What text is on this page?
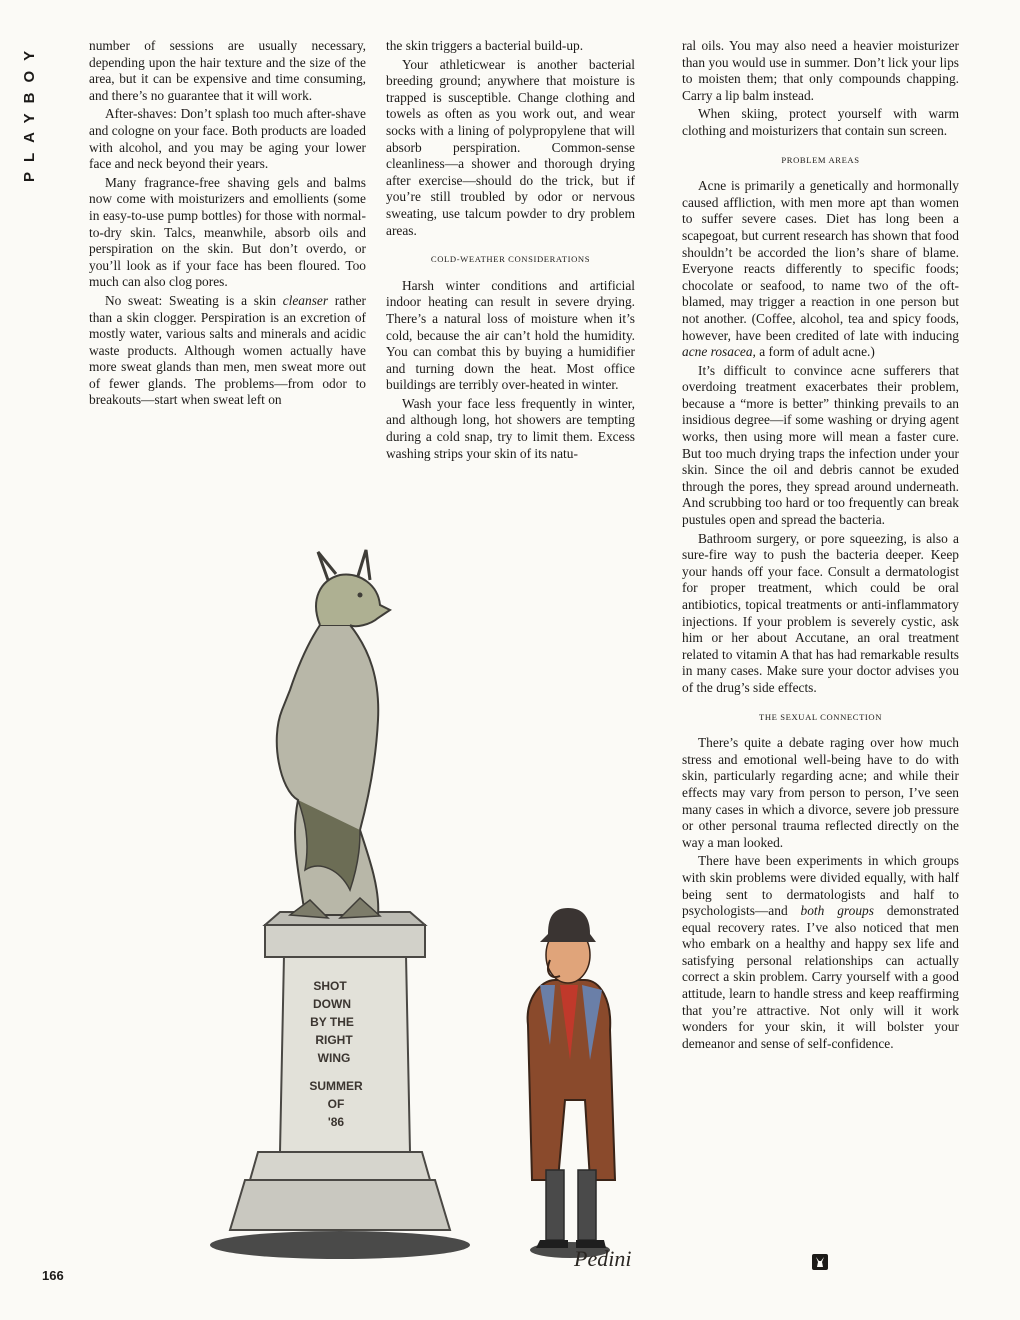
PLAYBOY	number of sessions are usually necessary, depending upon the hair texture and the size of the area, but it can be expensive and time consuming, and there’s no guarantee that it will work.

After-shaves: Don’t splash too much after-shave and cologne on your face. Both products are loaded with alcohol, and you may be aging your lower face and neck beyond their years.

Many fragrance-free shaving gels and balms now come with moisturizers and emollients (some in easy-to-use pump bottles) for those with normal-to-dry skin. Talcs, meanwhile, absorb oils and perspiration on the skin. But don’t overdo, or you’ll look as if your face has been floured. Too much can also clog pores.

No sweat: Sweating is a skin cleanser rather than a skin clogger. Perspiration is an excretion of mostly water, various salts and minerals and acidic waste products. Although women actually have more sweat glands than men, men sweat more out of fewer glands. The problems—from odor to breakouts—start when sweat left on

the skin triggers a bacterial build-up.

Your athleticwear is another bacterial breeding ground; anywhere that moisture is trapped is susceptible. Change clothing and towels as often as you work out, and wear socks with a lining of polypropylene that will absorb perspiration. Common-sense cleanliness—a shower and thorough drying after exercise—should do the trick, but if you’re still troubled by odor or nervous sweating, use talcum powder to dry problem areas.

COLD-WEATHER CONSIDERATIONS

Harsh winter conditions and artificial indoor heating can result in severe drying. There’s a natural loss of moisture when it’s cold, because the air can’t hold the humidity. You can combat this by buying a humidifier and turning down the heat. Most office buildings are terribly over-heated in winter.

Wash your face less frequently in winter, and although long, hot showers are tempting during a cold snap, try to limit them. Excess washing strips your skin of its natu-

ral oils. You may also need a heavier moisturizer than you would use in summer. Don’t lick your lips to moisten them; that only compounds chapping. Carry a lip balm instead.

When skiing, protect yourself with warm clothing and moisturizers that contain sun screen.

PROBLEM AREAS

Acne is primarily a genetically and hormonally caused affliction, with men more apt than women to suffer severe cases. Diet has long been a scapegoat, but current research has shown that food shouldn’t be accorded the lion’s share of blame. Everyone reacts differently to specific foods; chocolate or seafood, to name two of the oft-blamed, may trigger a reaction in one person but not another. (Coffee, alcohol, tea and spicy foods, however, have been credited of late with inducing acne rosacea, a form of adult acne.)

It’s difficult to convince acne sufferers that overdoing treatment exacerbates their problem, because a “more is better” thinking prevails to an insidious degree—if some washing or drying agent works, then using more will mean a faster cure. But too much drying traps the infection under your skin. Since the oil and debris cannot be exuded through the pores, they spread around underneath. And scrubbing too hard or too frequently can break pustules open and spread the bacteria.

Bathroom surgery, or pore squeezing, is also a sure-fire way to push the bacteria deeper. Keep your hands off your face. Consult a dermatologist for proper treatment, which could be oral antibiotics, topical treatments or anti-inflammatory injections. If your problem is severely cystic, ask him or her about Accutane, an oral treatment related to vitamin A that has had remarkable results in many cases. Make sure your doctor advises you of the drug’s side effects.

THE SEXUAL CONNECTION

There’s quite a debate raging over how much stress and emotional well-being have to do with skin, particularly regarding acne; and while their effects may vary from person to person, I’ve seen many cases in which a divorce, severe job pressure or other personal trauma reflected directly on the way a man looked.

There have been experiments in which groups with skin problems were divided equally, with half being sent to dermatologists and half to psychologists—and both groups demonstrated equal recovery rates. I’ve also noticed that men who embark on a healthy and happy sex life and satisfying personal relationships can actually correct a skin problem. Carry yourself with a good attitude, learn to handle stress and keep reaffirming that you’re attractive. Not only will it work wonders for your skin, it will bolster your demeanor and sense of self-confidence.

SHOT
DOWN
BY THE
RIGHT
WING
SUMMER
OF
'86
Pedini
166
